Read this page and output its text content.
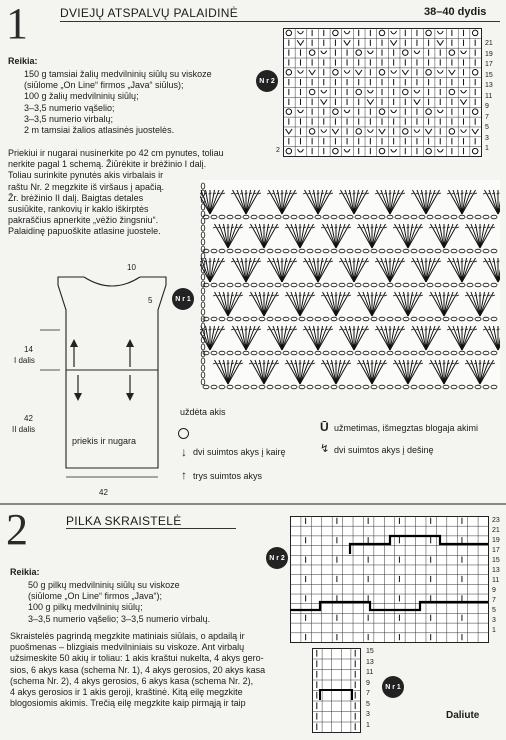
1	DVIEJŲ ATSPALVŲ PALAIDINĖ	38–40 dydis
Reikia:
150 g tamsiai žalių medvilninių siūlų su viskoze
(siūlome „On Line“ firmos „Java“ siūlus);
100 g žalių medvilninių siūlų;
3–3,5 numerio vąšelio;
3–3,5 numerio virbalų;
2 m tamsiai žalios atlasinės juostelės.
Priekiui ir nugarai nusinerkite po 42 cm pynutes, toliau
nerkite pagal 1 schemą. Žiūrėkite ir brėžinio I dalį.
Toliau surinkite pynutės akis virbalais ir
raštu Nr. 2 megzkite iš viršaus į apačią.
Žr. brėžinio II dalį. Baigtas detales
susiūkite, rankovių ir kaklo iškirptės
pakraščius apnerkite „vėžio žingsniu“.
Palaidinę papuoškite atlasine juostele.
N r 2
21
19
17
15
13
11
9
7
5
3
1
2
N r 1
10
5
14
I dalis
42
II dalis
priekis ir nugara
42
uždėta akis
↓ dvi suimtos akys į kairę
↑ trys suimtos akys
Ū užmetimas, išmegztas blogaja akimi
↯ dvi suimtos akys į dešinę
2	PILKA SKRAISTELĖ
Reikia:
50 g pilkų medvilninių siūlų su viskoze
(siūlome „On Line“ firmos „Java“);
100 g pilkų medvilninių siūlų;
3–3,5 numerio vąšelio; 3–3,5 numerio virbalų.
Skraistelės pagrindą megzkite matiniais siūlais, o apdailą ir
puošmenas – blizgiais medvilniniais su viskoze. Ant virbalų
užsimeskite 50 akių ir toliau: 1 akis kraštui nukelta, 4 akys gero-
sios, 6 akys kasa (schema Nr. 1), 4 akys gerosios, 20 akys kasa
(schema Nr. 2), 4 akys gerosios, 6 akys kasa (schema Nr. 2),
4 akys gerosios ir 1 akis geroji, kraštinė. Kitą eilę megzkite
blogosiomis akimis. Trečią eilę megzkite kaip pirmąją ir taip
N r 2
23
21
19
17
15
13
11
9
7
5
3
1
15
13
11
9
7
5
3
1
N r 1
Daliute
